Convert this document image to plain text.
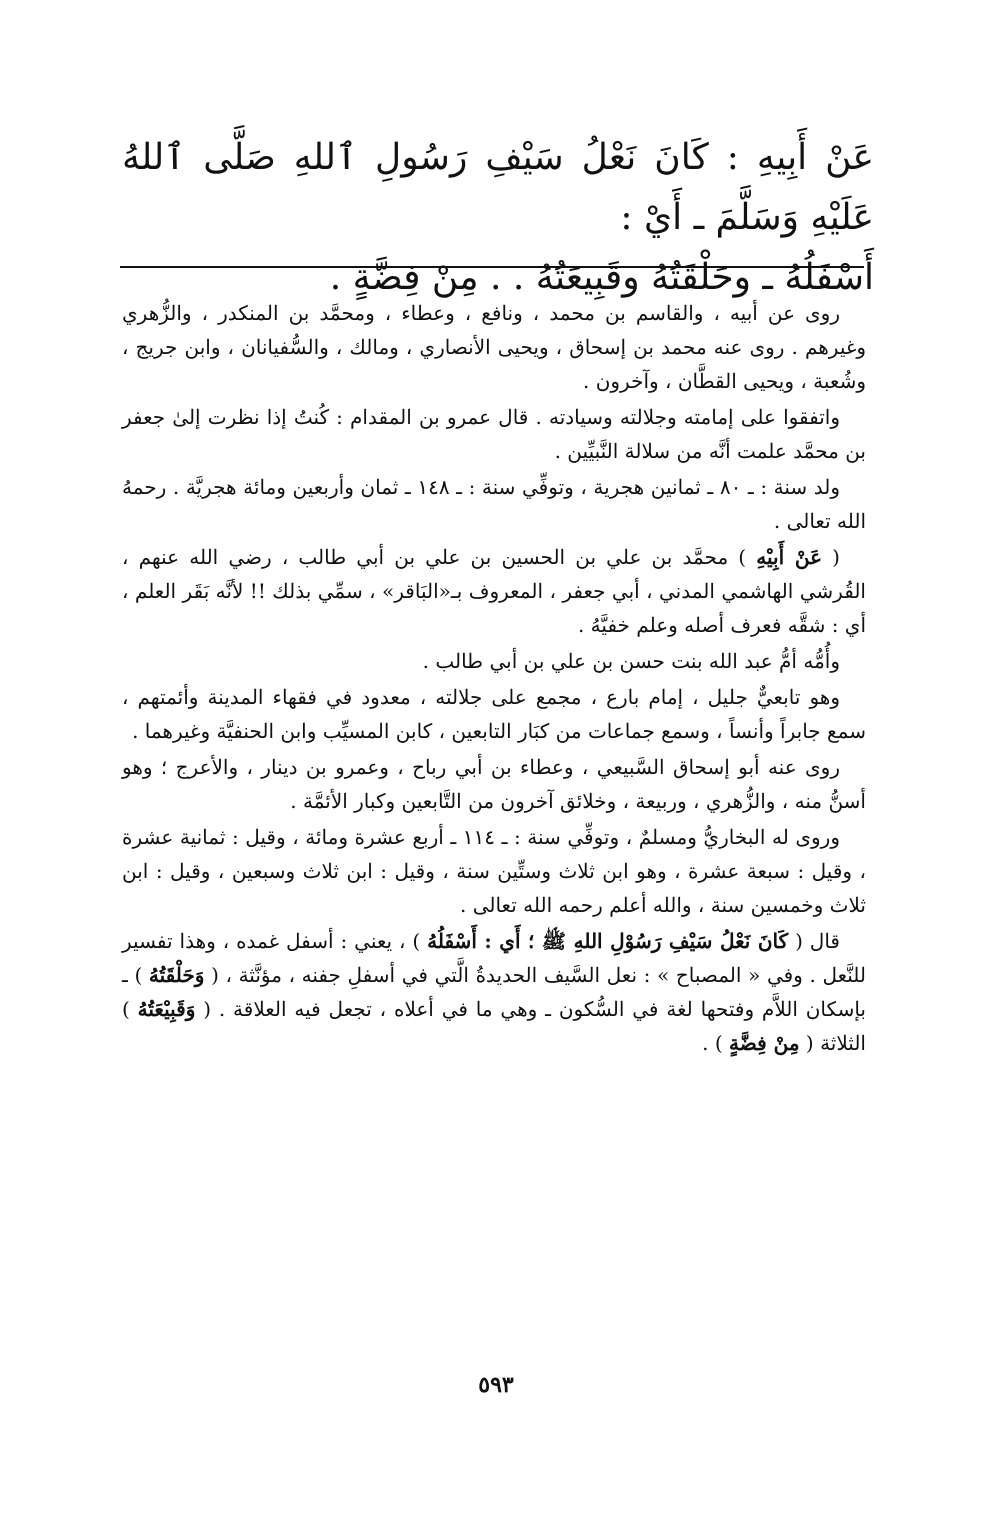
عَنْ أَبِيهِ : كَانَ نَعْلُ سَيْفِ رَسُولِ ٱللهِ صَلَّى ٱللهُ عَلَيْهِ وَسَلَّمَ ـ أَيْ :

أَسْفَلُهُ ـ وحَلْقَتُهُ وقَبِيعَتُهُ . . مِنْ فِضَّةٍ .

روى عن أبيه ، والقاسم بن محمد ، ونافع ، وعطاء ، ومحمَّد بن المنكدر ، والزُّهري وغيرهم . روى عنه محمد بن إسحاق ، ويحيى الأنصاري ، ومالك ، والسُّفيانان ، وابن جريج ، وشُعبة ، ويحيى القطَّان ، وآخرون .

واتفقوا على إمامته وجلالته وسيادته . قال عمرو بن المقدام : كُنتُ إذا نظرت إلىٰ جعفر بن محمَّد علمت أنَّه من سلالة النَّبيِّين .

ولد سنة : ـ ٨٠ ـ ثمانين هجرية ، وتوفِّي سنة : ـ ١٤٨ ـ ثمان وأربعين ومائة هجريَّة . رحمهُ الله تعالى .

( عَنْ أَبِيْهِ ) محمَّد بن علي بن الحسين بن علي بن أبي طالب ، رضي الله عنهم ، القُرشي الهاشمي المدني ، أبي جعفر ، المعروف بـ«البَاقر» ، سمِّي بذلك !! لأنَّه بَقَر العلم ، أي : شقَّه فعرف أصله وعلم خفيَّهُ .

وأُمُّه أمُّ عبد الله بنت حسن بن علي بن أبي طالب .

وهو تابعيٌّ جليل ، إمام بارع ، مجمع على جلالته ، معدود في فقهاء المدينة وأئمتهم ، سمع جابراً وأنساً ، وسمع جماعات من كبَار التابعين ، كابن المسيِّب وابن الحنفيَّة وغيرهما .

روى عنه أبو إسحاق السَّبيعي ، وعطاء بن أبي رباح ، وعمرو بن دينار ، والأعرج ؛ وهو أسنُّ منه ، والزُّهري ، وربيعة ، وخلائق آخرون من التَّابعين وكبار الأئمَّة .

وروى له البخاريُّ ومسلمٌ ، وتوفِّي سنة : ـ ١١٤ ـ أربع عشرة ومائة ، وقيل : ثمانية عشرة ، وقيل : سبعة عشرة ، وهو ابن ثلاث وستِّين سنة ، وقيل : ابن ثلاث وسبعين ، وقيل : ابن ثلاث وخمسين سنة ، والله أعلم رحمه الله تعالى .

قال ( كَانَ نَعْلُ سَيْفِ رَسُوْلِ اللهِ ﷺ ؛ أَي : أَسْفَلُهُ ) ، يعني : أسفل غمده ، وهذا تفسير للنَّعل . وفي « المصباح » : نعل السَّيف الحديدةُ الَّتي في أسفلِ جفنه ، مؤنَّثة ، ( وَحَلْقَتُهُ ) ـ بإسكان اللاَّم وفتحها لغة في السُّكون ـ وهي ما في أعلاه ، تجعل فيه العلاقة . ( وَقَبِيْعَتُهُ ) الثلاثة ( مِنْ فِضَّةٍ ) .

٥٩٣
